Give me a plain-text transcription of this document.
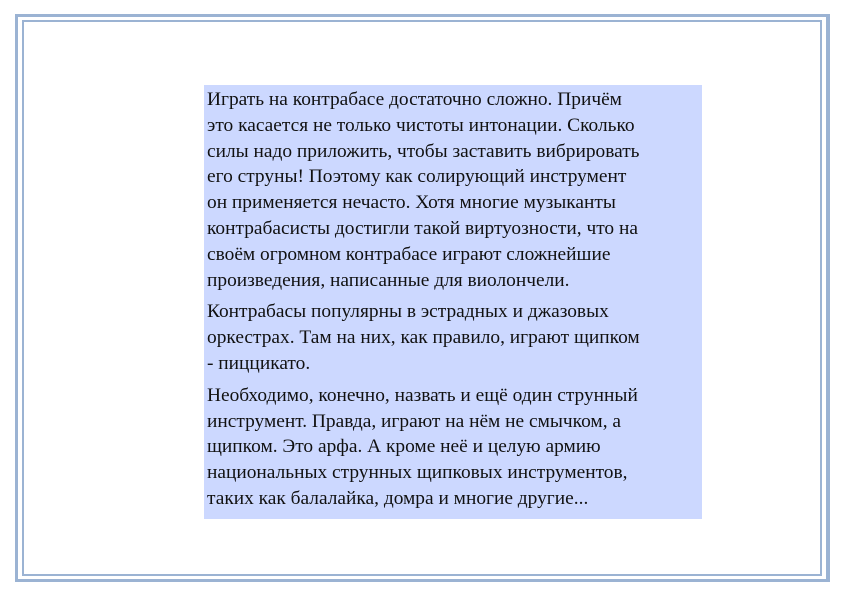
Играть на контрабасе достаточно сложно. Причём
это касается не только чистоты интонации. Сколько
силы надо приложить, чтобы заставить вибрировать
его струны! Поэтому как солирующий инструмент
он применяется нечасто. Хотя многие музыканты
контрабасисты достигли такой виртуозности, что на
своём огромном контрабасе играют сложнейшие
произведения, написанные для виолончели.

Контрабасы популярны в эстрадных и джазовых
оркестрах. Там на них, как правило, играют щипком
- пиццикато.

Необходимо, конечно, назвать и ещё один струнный
инструмент. Правда, играют на нём не смычком, а
щипком. Это арфа. А кроме неё и целую армию
национальных струнных щипковых инструментов,
таких как балалайка, домра и многие другие...
